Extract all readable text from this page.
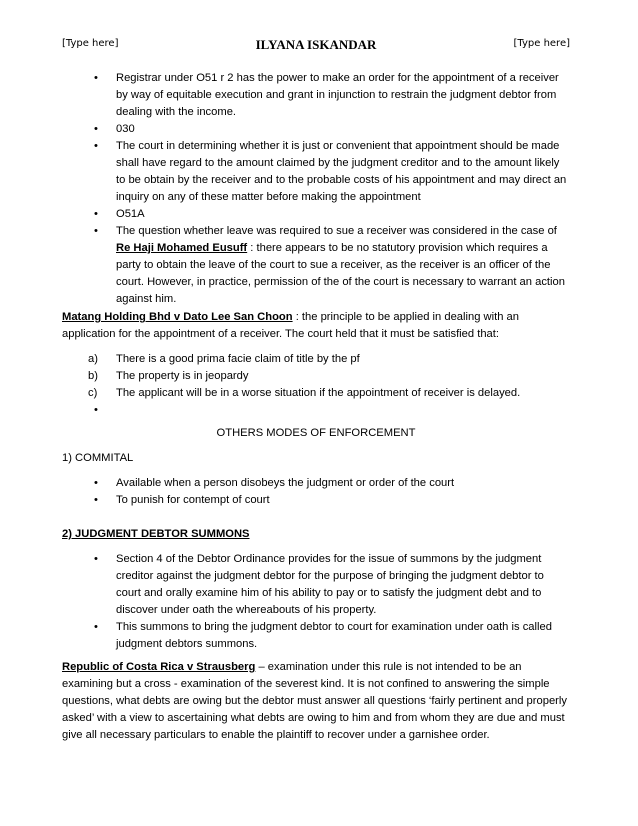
[Type here]	ILYANA ISKANDAR	[Type here]
• Registrar under O51 r 2 has the power to make an order for the appointment of a receiver by way of equitable execution and grant in injunction to restrain the judgment debtor from dealing with the income.
• 030
• The court in determining whether it is just or convenient that appointment should be made shall have regard to the amount claimed by the judgment creditor and to the amount likely to be obtain by the receiver and to the probable costs of his appointment and may direct an inquiry on any of these matter before making the appointment
• O51A
• The question whether leave was required to sue a receiver was considered in the case of Re Haji Mohamed Eusuff : there appears to be no statutory provision which requires a party to obtain the leave of the court to sue a receiver, as the receiver is an officer of the court. However, in practice, permission of the of the court is necessary to warrant an action against him.

Matang Holding Bhd v Dato Lee San Choon : the principle to be applied in dealing with an application for the appointment of a receiver. The court held that it must be satisfied that:

a) There is a good prima facie claim of title by the pf
b) The property is in jeopardy
c) The applicant will be in a worse situation if the appointment of receiver is delayed.
•

OTHERS MODES OF ENFORCEMENT

1) COMMITAL

• Available when a person disobeys the judgment or order of the court
• To punish for contempt of court

2) JUDGMENT DEBTOR SUMMONS

• Section 4 of the Debtor Ordinance provides for the issue of summons by the judgment creditor against the judgment debtor for the purpose of bringing the judgment debtor to court and orally examine him of his ability to pay or to satisfy the judgment debt and to discover under oath the whereabouts of his property.
• This summons to bring the judgment debtor to court for examination under oath is called judgment debtors summons.

Republic of Costa Rica v Strausberg – examination under this rule is not intended to be an examining but a cross - examination of the severest kind. It is not confined to answering the simple questions, what debts are owing but the debtor must answer all questions ‘fairly pertinent and properly asked’ with a view to ascertaining what debts are owing to him and from whom they are due and must give all necessary particulars to enable the plaintiff to recover under a garnishee order.
